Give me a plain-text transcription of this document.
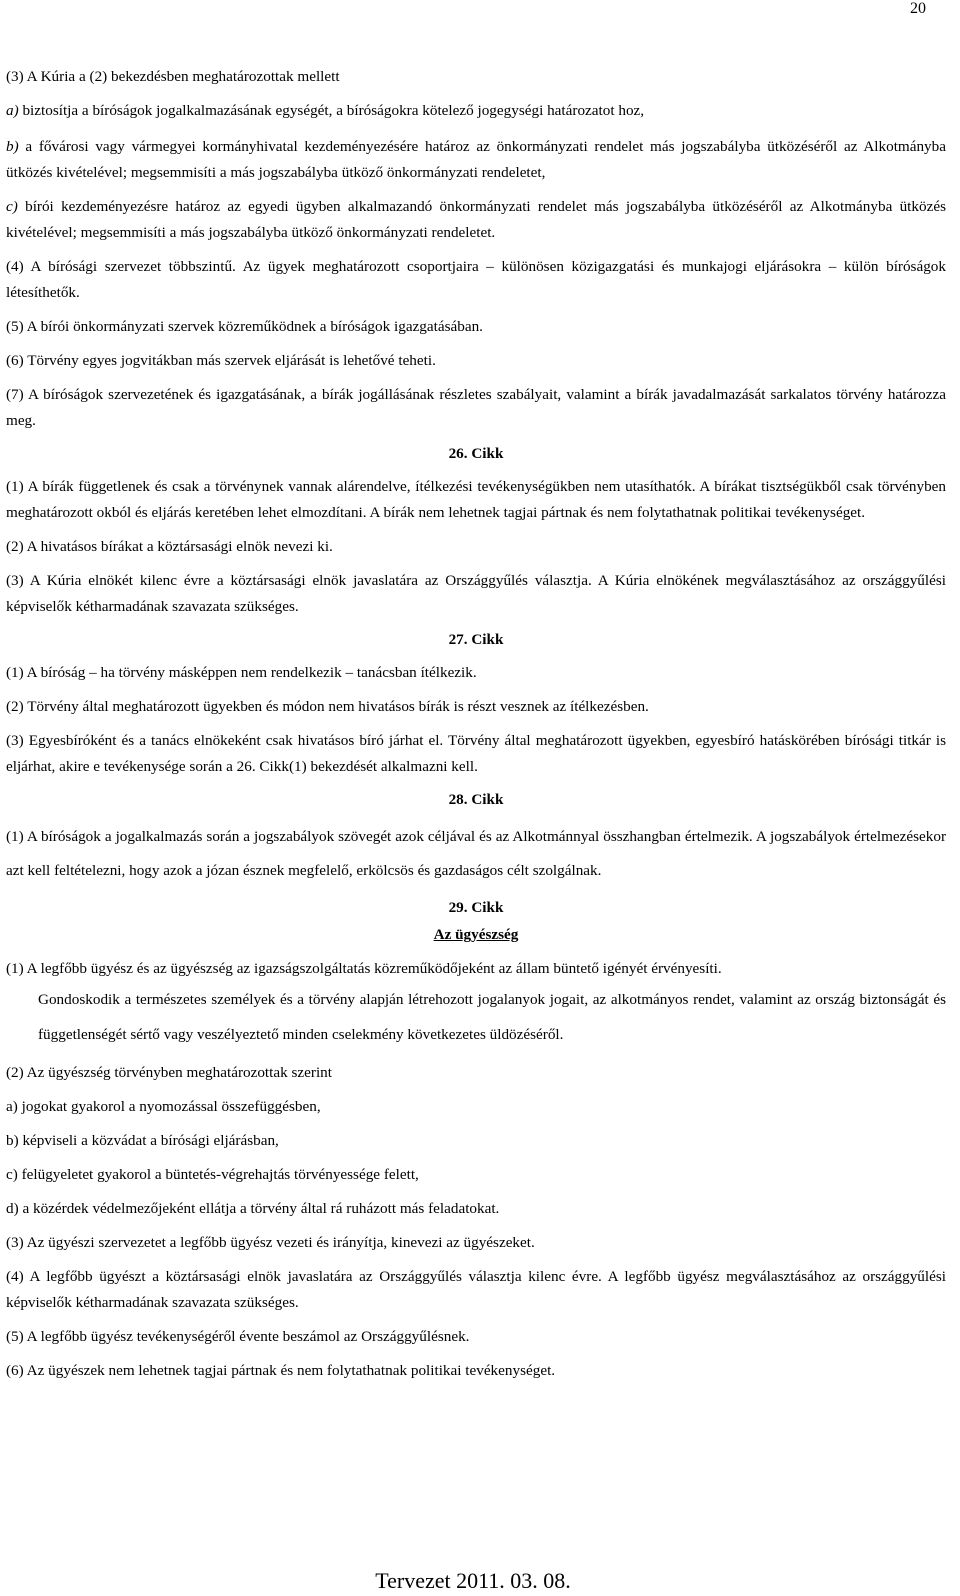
20

(3) A Kúria a (2) bekezdésben meghatározottak mellett

a) biztosítja a bíróságok jogalkalmazásának egységét, a bíróságokra kötelező jogegységi határozatot hoz,

b) a fővárosi vagy vármegyei kormányhivatal kezdeményezésére határoz az önkormányzati rendelet más jogszabályba ütközéséről az Alkotmányba ütközés kivételével; megsemmisíti a más jogszabályba ütköző önkormányzati rendeletet,

c) bírói kezdeményezésre határoz az egyedi ügyben alkalmazandó önkormányzati rendelet más jogszabályba ütközéséről az Alkotmányba ütközés kivételével; megsemmisíti a más jogszabályba ütköző önkormányzati rendeletet.

(4) A bírósági szervezet többszintű. Az ügyek meghatározott csoportjaira – különösen közigazgatási és munkajogi eljárásokra – külön bíróságok létesíthetők.

(5) A bírói önkormányzati szervek közreműködnek a bíróságok igazgatásában.

(6) Törvény egyes jogvitákban más szervek eljárását is lehetővé teheti.

(7) A bíróságok szervezetének és igazgatásának, a bírák jogállásának részletes szabályait, valamint a bírák javadalmazását sarkalatos törvény határozza meg.

26. Cikk

(1) A bírák függetlenek és csak a törvénynek vannak alárendelve, ítélkezési tevékenységükben nem utasíthatók. A bírákat tisztségükből csak törvényben meghatározott okból és eljárás keretében lehet elmozdítani. A bírák nem lehetnek tagjai pártnak és nem folytathatnak politikai tevékenységet.

(2) A hivatásos bírákat a köztársasági elnök nevezi ki.

(3) A Kúria elnökét kilenc évre a köztársasági elnök javaslatára az Országgyűlés választja. A Kúria elnökének megválasztásához az országgyűlési képviselők kétharmadának szavazata szükséges.

27. Cikk

(1) A bíróság – ha törvény másképpen nem rendelkezik – tanácsban ítélkezik.

(2) Törvény által meghatározott ügyekben és módon nem hivatásos bírák is részt vesznek az ítélkezésben.

(3) Egyesbíróként és a tanács elnökeként csak hivatásos bíró járhat el. Törvény által meghatározott ügyekben, egyesbíró hatáskörében bírósági titkár is eljárhat, akire e tevékenysége során a 26. Cikk(1) bekezdését alkalmazni kell.

28. Cikk

(1) A bíróságok a jogalkalmazás során a jogszabályok szövegét azok céljával és az Alkotmánnyal összhangban értelmezik. A jogszabályok értelmezésekor azt kell feltételezni, hogy azok a józan észnek megfelelő, erkölcsös és gazdaságos célt szolgálnak.

29. Cikk

Az ügyészség

(1) A legfőbb ügyész és az ügyészség az igazságszolgáltatás közreműködőjeként az állam büntető igényét érvényesíti.

Gondoskodik a természetes személyek és a törvény alapján létrehozott jogalanyok jogait, az alkotmányos rendet, valamint az ország biztonságát és függetlenségét sértő vagy veszélyeztető minden cselekmény következetes üldözéséről.

(2) Az ügyészség törvényben meghatározottak szerint

a) jogokat gyakorol a nyomozással összefüggésben,

b) képviseli a közvádat a bírósági eljárásban,

c) felügyeletet gyakorol a büntetés-végrehajtás törvényessége felett,

d) a közérdek védelmezőjeként ellátja a törvény által rá ruházott más feladatokat.

(3) Az ügyészi szervezetet a legfőbb ügyész vezeti és irányítja, kinevezi az ügyészeket.

(4) A legfőbb ügyészt a köztársasági elnök javaslatára az Országgyűlés választja kilenc évre. A legfőbb ügyész megválasztásához az országgyűlési képviselők kétharmadának szavazata szükséges.

(5) A legfőbb ügyész tevékenységéről évente beszámol az Országgyűlésnek.

(6) Az ügyészek nem lehetnek tagjai pártnak és nem folytathatnak politikai tevékenységet.

Tervezet 2011. 03. 08.
